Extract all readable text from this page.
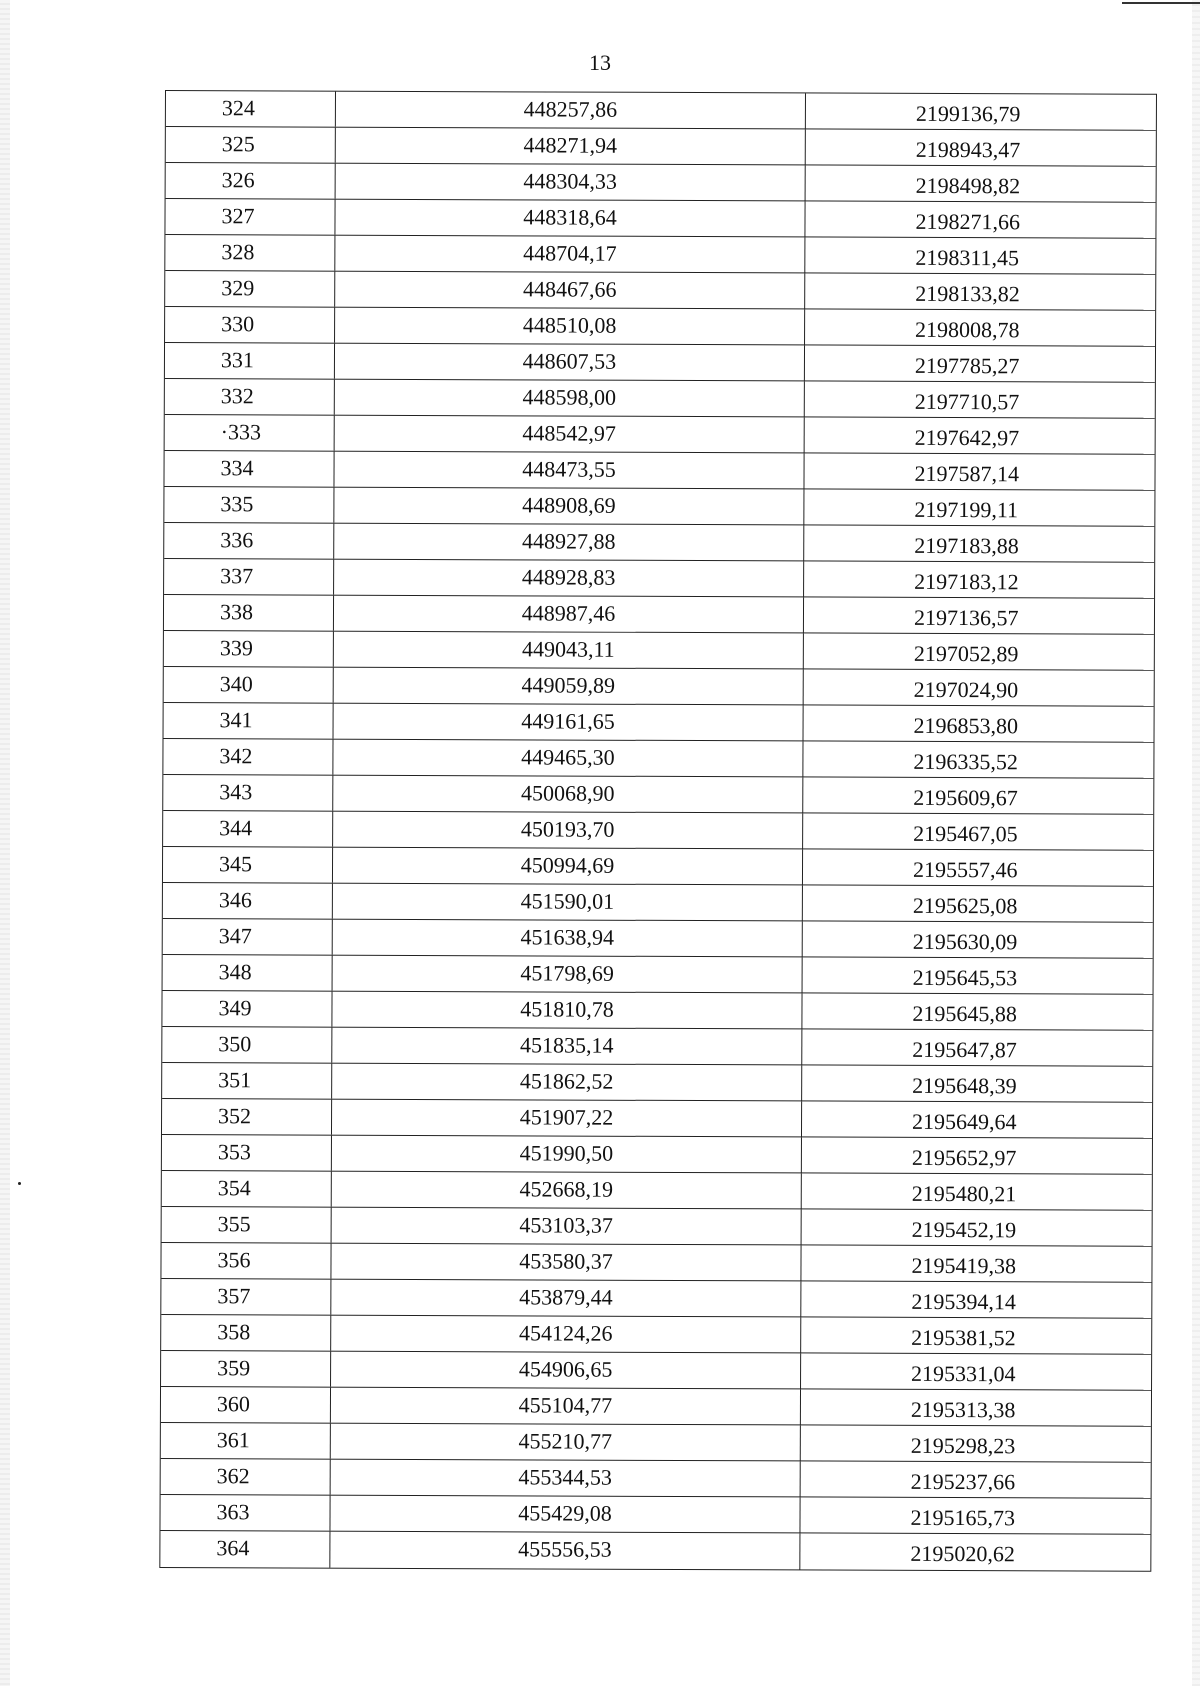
13
324	448257,86	2199136,79
325	448271,94	2198943,47
326	448304,33	2198498,82
327	448318,64	2198271,66
328	448704,17	2198311,45
329	448467,66	2198133,82
330	448510,08	2198008,78
331	448607,53	2197785,27
332	448598,00	2197710,57
·333	448542,97	2197642,97
334	448473,55	2197587,14
335	448908,69	2197199,11
336	448927,88	2197183,88
337	448928,83	2197183,12
338	448987,46	2197136,57
339	449043,11	2197052,89
340	449059,89	2197024,90
341	449161,65	2196853,80
342	449465,30	2196335,52
343	450068,90	2195609,67
344	450193,70	2195467,05
345	450994,69	2195557,46
346	451590,01	2195625,08
347	451638,94	2195630,09
348	451798,69	2195645,53
349	451810,78	2195645,88
350	451835,14	2195647,87
351	451862,52	2195648,39
352	451907,22	2195649,64
353	451990,50	2195652,97
354	452668,19	2195480,21
355	453103,37	2195452,19
356	453580,37	2195419,38
357	453879,44	2195394,14
358	454124,26	2195381,52
359	454906,65	2195331,04
360	455104,77	2195313,38
361	455210,77	2195298,23
362	455344,53	2195237,66
363	455429,08	2195165,73
364	455556,53	2195020,62
